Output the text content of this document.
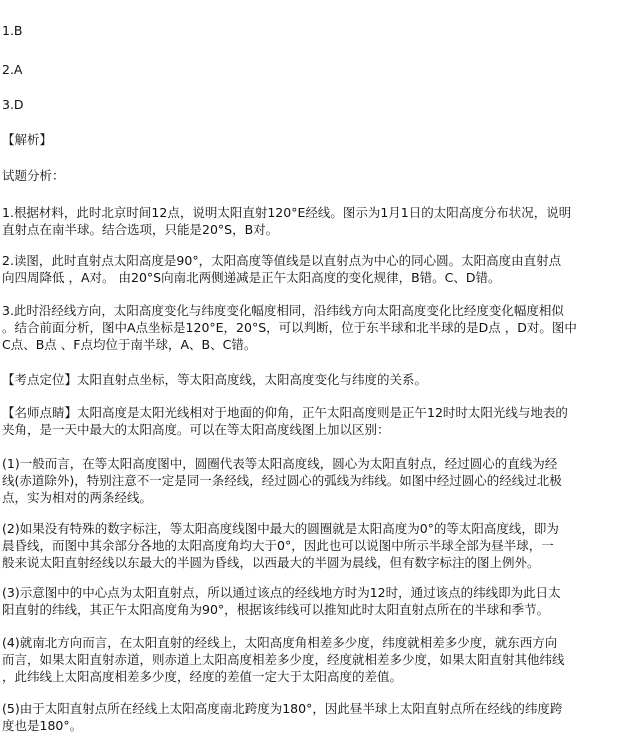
1.B
2.A
3.D
【解析】
试题分析：
1.根据材料，此时北京时间12点，说明太阳直射120°E经线。图示为1月1日的太阳高度分布状况，说明
直射点在南半球。结合选项，只能是20°S，B对。
2.读图，此时直射点太阳高度是90°，太阳高度等值线是以直射点为中心的同心圆。太阳高度由直射点
向四周降低 ，A对。 由20°S向南北两侧递减是正午太阳高度的变化规律，B错。C、D错。
3.此时沿经线方向，太阳高度变化与纬度变化幅度相同，沿纬线方向太阳高度变化比经度变化幅度相似
。结合前面分析，图中A点坐标是120°E，20°S，可以判断，位于东半球和北半球的是D点 ，D对。图中
C点、B点 、F点均位于南半球，A、B、C错。
【考点定位】太阳直射点坐标，等太阳高度线，太阳高度变化与纬度的关系。
【名师点睛】太阳高度是太阳光线相对于地面的仰角，正午太阳高度则是正午12时时太阳光线与地表的
夹角，是一天中最大的太阳高度。可以在等太阳高度线图上加以区别：
(1)一般而言，在等太阳高度图中，圆圈代表等太阳高度线，圆心为太阳直射点，经过圆心的直线为经
线(赤道除外)，特别注意不一定是同一条经线，经过圆心的弧线为纬线。如图中经过圆心的经线过北极
点，实为相对的两条经线。
(2)如果没有特殊的数字标注，等太阳高度线图中最大的圆圈就是太阳高度为0°的等太阳高度线，即为
晨昏线，而图中其余部分各地的太阳高度角均大于0°，因此也可以说图中所示半球全部为昼半球，一
般来说太阳直射经线以东最大的半圆为昏线，以西最大的半圆为晨线，但有数字标注的图上例外。
(3)示意图中的中心点为太阳直射点，所以通过该点的经线地方时为12时，通过该点的纬线即为此日太
阳直射的纬线，其正午太阳高度角为90°，根据该纬线可以推知此时太阳直射点所在的半球和季节。
(4)就南北方向而言，在太阳直射的经线上，太阳高度角相差多少度，纬度就相差多少度，就东西方向
而言，如果太阳直射赤道，则赤道上太阳高度相差多少度，经度就相差多少度，如果太阳直射其他纬线
，此纬线上太阳高度相差多少度，经度的差值一定大于太阳高度的差值。
(5)由于太阳直射点所在经线上太阳高度南北跨度为180°，因此昼半球上太阳直射点所在经线的纬度跨
度也是180°。
